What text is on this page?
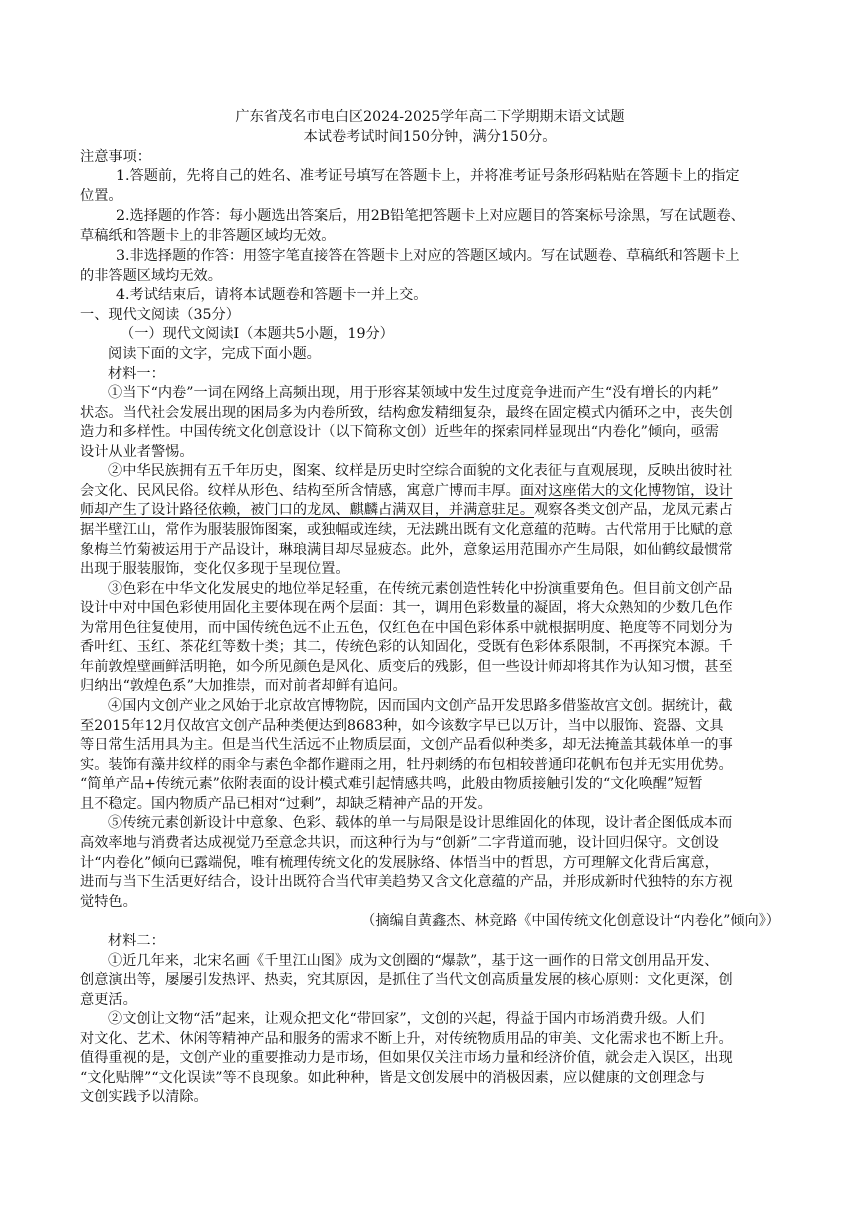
广东省茂名市电白区2024-2025学年高二下学期期末语文试题
本试卷考试时间150分钟，满分150分。
注意事项：
1.答题前，先将自己的姓名、准考证号填写在答题卡上，并将准考证号条形码粘贴在答题卡上的指定
位置。
2.选择题的作答：每小题选出答案后，用2B铅笔把答题卡上对应题目的答案标号涂黑，写在试题卷、
草稿纸和答题卡上的非答题区域均无效。
3.非选择题的作答：用签字笔直接答在答题卡上对应的答题区域内。写在试题卷、草稿纸和答题卡上
的非答题区域均无效。
4.考试结束后，请将本试题卷和答题卡一并上交。
一、现代文阅读（35分）
（一）现代文阅读Ⅰ（本题共5小题，19分）
阅读下面的文字，完成下面小题。
材料一：
①当下“内卷”一词在网络上高频出现，用于形容某领域中发生过度竞争进而产生“没有增长的内耗”
状态。当代社会发展出现的困局多为内卷所致，结构愈发精细复杂，最终在固定模式内循环之中，丧失创
造力和多样性。中国传统文化创意设计（以下简称文创）近些年的探索同样显现出“内卷化”倾向，亟需
设计从业者警惕。
②中华民族拥有五千年历史，图案、纹样是历史时空综合面貌的文化表征与直观展现，反映出彼时社
会文化、民风民俗。纹样从形色、结构至所含情感，寓意广博而丰厚。面对这座偌大的文化博物馆，设计
师却产生了设计路径依赖，被门口的龙凤、麒麟占满双目，并满意驻足。观察各类文创产品，龙凤元素占
据半壁江山，常作为服装服饰图案，或独幅或连续，无法跳出既有文化意蕴的范畴。古代常用于比赋的意
象梅兰竹菊被运用于产品设计，琳琅满目却尽显疲态。此外，意象运用范围亦产生局限，如仙鹤纹最惯常
出现于服装服饰，变化仅多现于呈现位置。
③色彩在中华文化发展史的地位举足轻重，在传统元素创造性转化中扮演重要角色。但目前文创产品
设计中对中国色彩使用固化主要体现在两个层面：其一，调用色彩数量的凝固，将大众熟知的少数几色作
为常用色往复使用，而中国传统色远不止五色，仅红色在中国色彩体系中就根据明度、艳度等不同划分为
香叶红、玉红、茶花红等数十类；其二，传统色彩的认知固化，受既有色彩体系限制，不再探究本源。千
年前敦煌壁画鲜活明艳，如今所见颜色是风化、质变后的残影，但一些设计师却将其作为认知习惯，甚至
归纳出“敦煌色系”大加推崇，而对前者却鲜有追问。
④国内文创产业之风始于北京故宫博物院，因而国内文创产品开发思路多借鉴故宫文创。据统计，截
至2015年12月仅故宫文创产品种类便达到8683种，如今该数字早已以万计，当中以服饰、瓷器、文具
等日常生活用具为主。但是当代生活远不止物质层面，文创产品看似种类多，却无法掩盖其载体单一的事
实。装饰有藻井纹样的雨伞与素色伞都作避雨之用，牡丹刺绣的布包相较普通印花帆布包并无实用优势。
“简单产品+传统元素”依附表面的设计模式难引起情感共鸣，此般由物质接触引发的“文化唤醒”短暂
且不稳定。国内物质产品已相对“过剩”，却缺乏精神产品的开发。
⑤传统元素创新设计中意象、色彩、载体的单一与局限是设计思维固化的体现，设计者企图低成本而
高效率地与消费者达成视觉乃至意念共识，而这种行为与“创新”二字背道而驰，设计回归保守。文创设
计“内卷化”倾向已露端倪，唯有梳理传统文化的发展脉络、体悟当中的哲思，方可理解文化背后寓意，
进而与当下生活更好结合，设计出既符合当代审美趋势又含文化意蕴的产品，并形成新时代独特的东方视
觉特色。
（摘编自黄鑫杰、林竞路《中国传统文化创意设计“内卷化”倾向》）
材料二：
①近几年来，北宋名画《千里江山图》成为文创圈的“爆款”，基于这一画作的日常文创用品开发、
创意演出等，屡屡引发热评、热卖，究其原因，是抓住了当代文创高质量发展的核心原则：文化更深，创
意更活。
②文创让文物“活”起来，让观众把文化“带回家”，文创的兴起，得益于国内市场消费升级。人们
对文化、艺术、休闲等精神产品和服务的需求不断上升，对传统物质用品的审美、文化需求也不断上升。
值得重视的是，文创产业的重要推动力是市场，但如果仅关注市场力量和经济价值，就会走入误区，出现
“文化贴牌”“文化误读”等不良现象。如此种种，皆是文创发展中的消极因素，应以健康的文创理念与
文创实践予以清除。
